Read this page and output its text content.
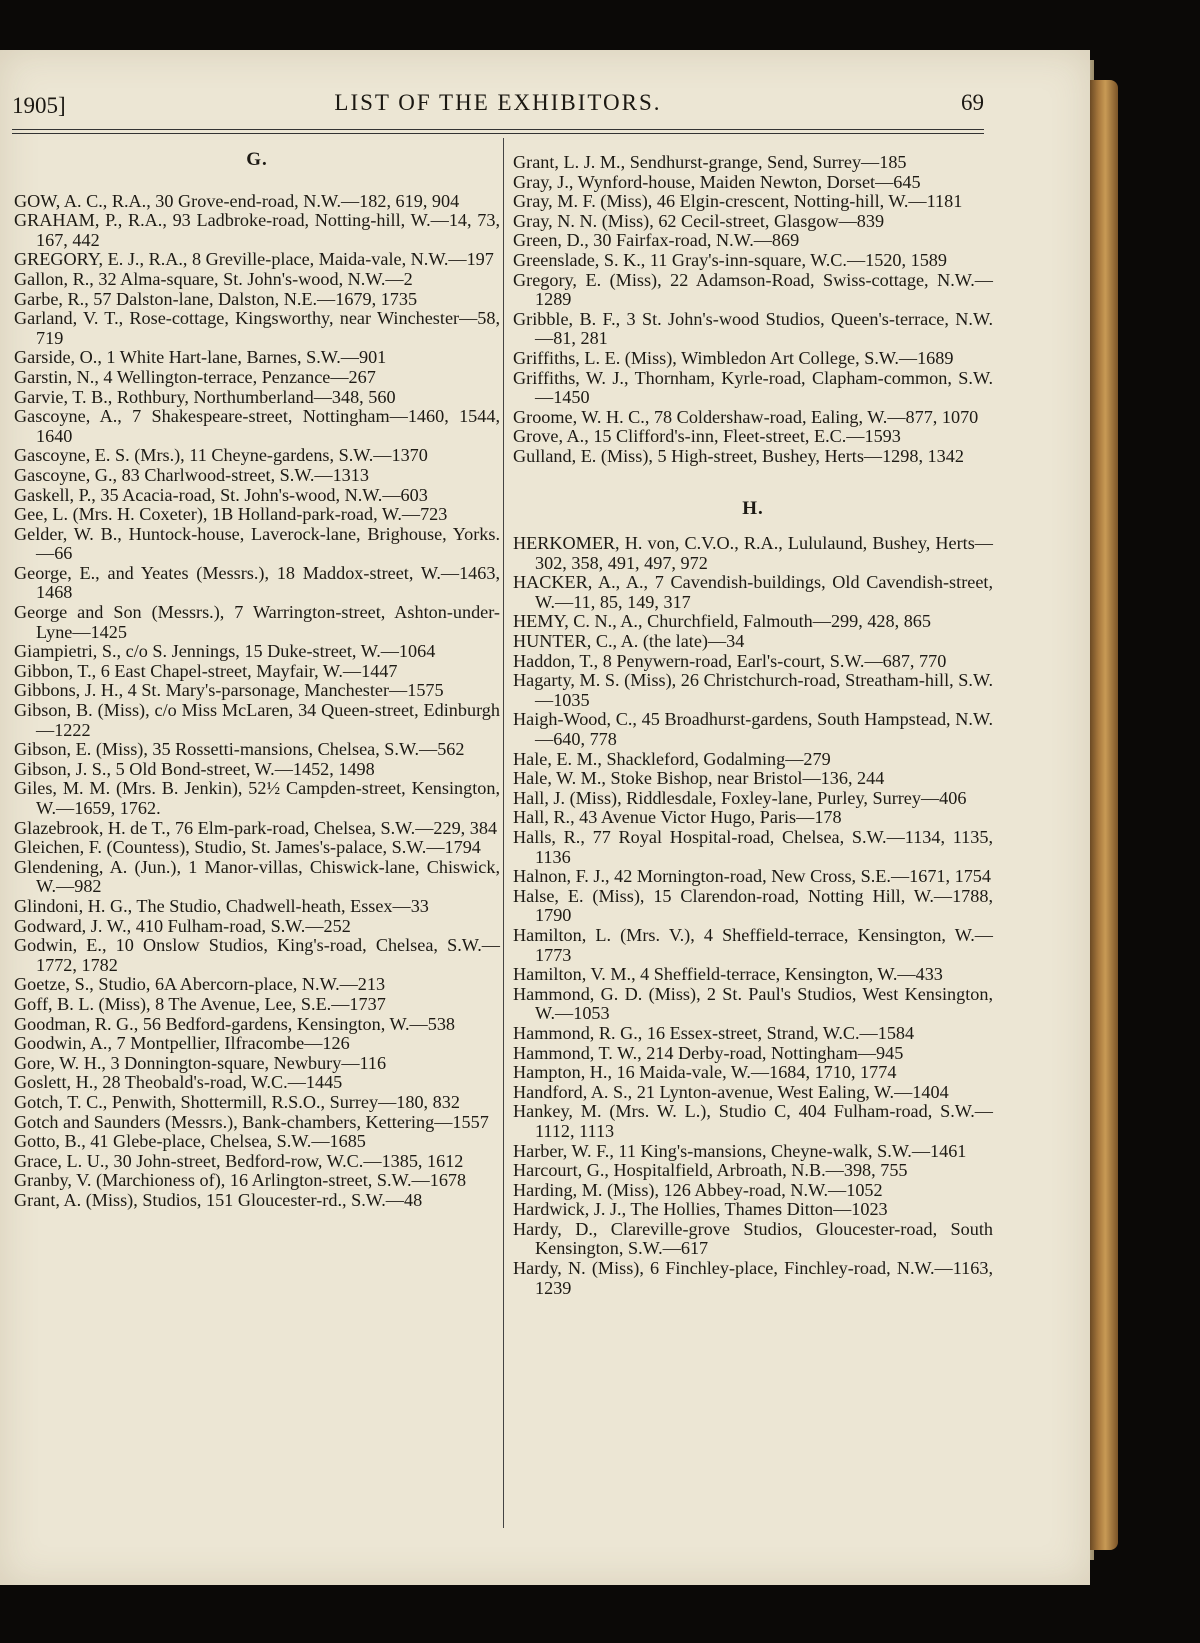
1905]	LIST OF THE EXHIBITORS.	69
G.

GOW, A. C., R.A., 30 Grove-end-road, N.W.—182, 619, 904

GRAHAM, P., R.A., 93 Ladbroke-road, Notting-hill, W.—14, 73, 167, 442

GREGORY, E. J., R.A., 8 Greville-place, Maida-vale, N.W.—197

Gallon, R., 32 Alma-square, St. John's-wood, N.W.—2

Garbe, R., 57 Dalston-lane, Dalston, N.E.—1679, 1735

Garland, V. T., Rose-cottage, Kingsworthy, near Winchester—58, 719

Garside, O., 1 White Hart-lane, Barnes, S.W.—901

Garstin, N., 4 Wellington-terrace, Penzance—267

Garvie, T. B., Rothbury, Northumberland—348, 560

Gascoyne, A., 7 Shakespeare-street, Nottingham—1460, 1544, 1640

Gascoyne, E. S. (Mrs.), 11 Cheyne-gardens, S.W.—1370

Gascoyne, G., 83 Charlwood-street, S.W.—1313

Gaskell, P., 35 Acacia-road, St. John's-wood, N.W.—603

Gee, L. (Mrs. H. Coxeter), 1B Holland-park-road, W.—723

Gelder, W. B., Huntock-house, Laverock-lane, Brighouse, Yorks.—66

George, E., and Yeates (Messrs.), 18 Maddox-street, W.—1463, 1468

George and Son (Messrs.), 7 Warrington-street, Ashton-under-Lyne—1425

Giampietri, S., c/o S. Jennings, 15 Duke-street, W.—1064

Gibbon, T., 6 East Chapel-street, Mayfair, W.—1447

Gibbons, J. H., 4 St. Mary's-parsonage, Manchester—1575

Gibson, B. (Miss), c/o Miss McLaren, 34 Queen-street, Edinburgh—1222

Gibson, E. (Miss), 35 Rossetti-mansions, Chelsea, S.W.—562

Gibson, J. S., 5 Old Bond-street, W.—1452, 1498

Giles, M. M. (Mrs. B. Jenkin), 52½ Campden-street, Kensington, W.—1659, 1762.

Glazebrook, H. de T., 76 Elm-park-road, Chelsea, S.W.—229, 384

Gleichen, F. (Countess), Studio, St. James's-palace, S.W.—1794

Glendening, A. (Jun.), 1 Manor-villas, Chiswick-lane, Chiswick, W.—982

Glindoni, H. G., The Studio, Chadwell-heath, Essex—33

Godward, J. W., 410 Fulham-road, S.W.—252

Godwin, E., 10 Onslow Studios, King's-road, Chelsea, S.W.—1772, 1782

Goetze, S., Studio, 6A Abercorn-place, N.W.—213

Goff, B. L. (Miss), 8 The Avenue, Lee, S.E.—1737

Goodman, R. G., 56 Bedford-gardens, Kensington, W.—538

Goodwin, A., 7 Montpellier, Ilfracombe—126

Gore, W. H., 3 Donnington-square, Newbury—116

Goslett, H., 28 Theobald's-road, W.C.—1445

Gotch, T. C., Penwith, Shottermill, R.S.O., Surrey—180, 832

Gotch and Saunders (Messrs.), Bank-chambers, Kettering—1557

Gotto, B., 41 Glebe-place, Chelsea, S.W.—1685

Grace, L. U., 30 John-street, Bedford-row, W.C.—1385, 1612

Granby, V. (Marchioness of), 16 Arlington-street, S.W.—1678

Grant, A. (Miss), Studios, 151 Gloucester-rd., S.W.—48

Grant, L. J. M., Sendhurst-grange, Send, Surrey—185

Gray, J., Wynford-house, Maiden Newton, Dorset—645

Gray, M. F. (Miss), 46 Elgin-crescent, Notting-hill, W.—1181

Gray, N. N. (Miss), 62 Cecil-street, Glasgow—839

Green, D., 30 Fairfax-road, N.W.—869

Greenslade, S. K., 11 Gray's-inn-square, W.C.—1520, 1589

Gregory, E. (Miss), 22 Adamson-Road, Swiss-cottage, N.W.—1289

Gribble, B. F., 3 St. John's-wood Studios, Queen's-terrace, N.W.—81, 281

Griffiths, L. E. (Miss), Wimbledon Art College, S.W.—1689

Griffiths, W. J., Thornham, Kyrle-road, Clapham-common, S.W.—1450

Groome, W. H. C., 78 Coldershaw-road, Ealing, W.—877, 1070

Grove, A., 15 Clifford's-inn, Fleet-street, E.C.—1593

Gulland, E. (Miss), 5 High-street, Bushey, Herts—1298, 1342

H.

HERKOMER, H. von, C.V.O., R.A., Lululaund, Bushey, Herts—302, 358, 491, 497, 972

HACKER, A., A., 7 Cavendish-buildings, Old Cavendish-street, W.—11, 85, 149, 317

HEMY, C. N., A., Churchfield, Falmouth—299, 428, 865

HUNTER, C., A. (the late)—34

Haddon, T., 8 Penywern-road, Earl's-court, S.W.—687, 770

Hagarty, M. S. (Miss), 26 Christchurch-road, Streatham-hill, S.W.—1035

Haigh-Wood, C., 45 Broadhurst-gardens, South Hampstead, N.W.—640, 778

Hale, E. M., Shackleford, Godalming—279

Hale, W. M., Stoke Bishop, near Bristol—136, 244

Hall, J. (Miss), Riddlesdale, Foxley-lane, Purley, Surrey—406

Hall, R., 43 Avenue Victor Hugo, Paris—178

Halls, R., 77 Royal Hospital-road, Chelsea, S.W.—1134, 1135, 1136

Halnon, F. J., 42 Mornington-road, New Cross, S.E.—1671, 1754

Halse, E. (Miss), 15 Clarendon-road, Notting Hill, W.—1788, 1790

Hamilton, L. (Mrs. V.), 4 Sheffield-terrace, Kensington, W.—1773

Hamilton, V. M., 4 Sheffield-terrace, Kensington, W.—433

Hammond, G. D. (Miss), 2 St. Paul's Studios, West Kensington, W.—1053

Hammond, R. G., 16 Essex-street, Strand, W.C.—1584

Hammond, T. W., 214 Derby-road, Nottingham—945

Hampton, H., 16 Maida-vale, W.—1684, 1710, 1774

Handford, A. S., 21 Lynton-avenue, West Ealing, W.—1404

Hankey, M. (Mrs. W. L.), Studio C, 404 Fulham-road, S.W.—1112, 1113

Harber, W. F., 11 King's-mansions, Cheyne-walk, S.W.—1461

Harcourt, G., Hospitalfield, Arbroath, N.B.—398, 755

Harding, M. (Miss), 126 Abbey-road, N.W.—1052

Hardwick, J. J., The Hollies, Thames Ditton—1023

Hardy, D., Clareville-grove Studios, Gloucester-road, South Kensington, S.W.—617

Hardy, N. (Miss), 6 Finchley-place, Finchley-road, N.W.—1163, 1239
